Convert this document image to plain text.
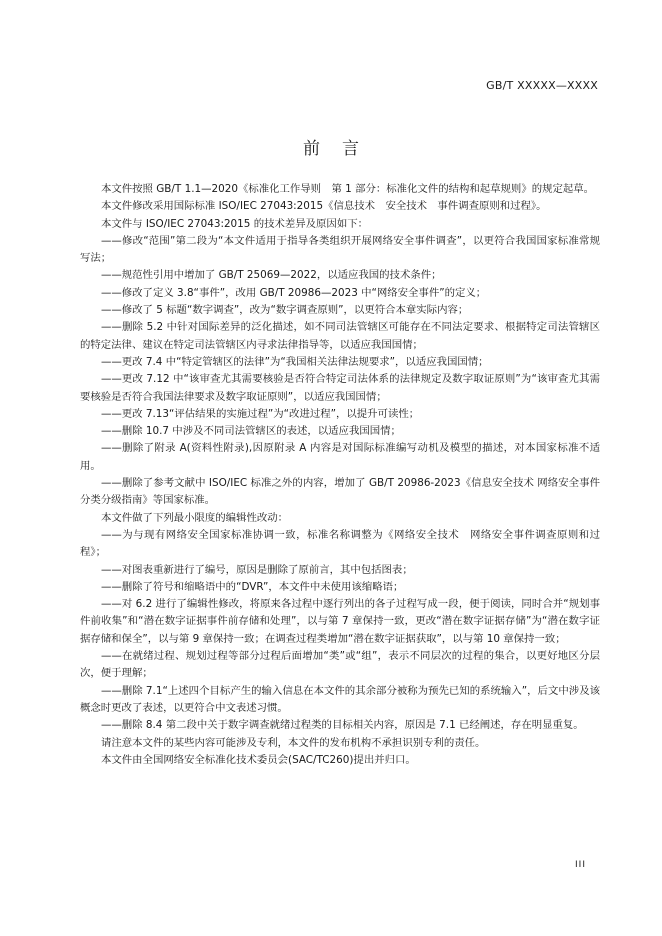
GB/T XXXXX—XXXX
前言

本文件按照 GB/T 1.1—2020《标准化工作导则　第 1 部分：标准化文件的结构和起草规则》的规定起草。

本文件修改采用国际标准 ISO/IEC 27043:2015《信息技术　安全技术　事件调查原则和过程》。

本文件与 ISO/IEC 27043:2015 的技术差异及原因如下：

——修改“范围”第二段为“本文件适用于指导各类组织开展网络安全事件调查”，以更符合我国国家标准常规写法；

——规范性引用中增加了 GB/T 25069—2022，以适应我国的技术条件；

——修改了定义 3.8“事件”，改用 GB/T 20986—2023 中“网络安全事件”的定义；

——修改了 5 标题“数字调查”，改为“数字调查原则”，以更符合本章实际内容；

——删除 5.2 中针对国际差异的泛化描述，如不同司法管辖区可能存在不同法定要求、根据特定司法管辖区的特定法律、建议在特定司法管辖区内寻求法律指导等，以适应我国国情；

——更改 7.4 中“特定管辖区的法律”为“我国相关法律法规要求”，以适应我国国情；

——更改 7.12 中“该审查尤其需要核验是否符合特定司法体系的法律规定及数字取证原则”为“该审查尤其需要核验是否符合我国法律要求及数字取证原则”，以适应我国国情；

——更改 7.13“评估结果的实施过程”为“改进过程”，以提升可读性；

——删除 10.7 中涉及不同司法管辖区的表述，以适应我国国情；

——删除了附录 A(资料性附录),因原附录 A 内容是对国际标准编写动机及模型的描述，对本国家标准不适用。

——删除了参考文献中 ISO/IEC 标准之外的内容，增加了 GB/T 20986-2023《信息安全技术 网络安全事件分类分级指南》等国家标准。

本文件做了下列最小限度的编辑性改动：

——为与现有网络安全国家标准协调一致，标准名称调整为《网络安全技术　网络安全事件调查原则和过程》；

——对图表重新进行了编号，原因是删除了原前言，其中包括图表；

——删除了符号和缩略语中的“DVR”，本文件中未使用该缩略语；

——对 6.2 进行了编辑性修改，将原来各过程中逐行列出的各子过程写成一段，便于阅读，同时合并“规划事件前收集”和“潜在数字证据事件前存储和处理”，以与第 7 章保持一致，更改“潜在数字证据存储”为“潜在数字证据存储和保全”，以与第 9 章保持一致；在调查过程类增加“潜在数字证据获取”，以与第 10 章保持一致；

——在就绪过程、规划过程等部分过程后面增加“类”或“组”，表示不同层次的过程的集合，以更好地区分层次，便于理解；

——删除 7.1“上述四个目标产生的输入信息在本文件的其余部分被称为预先已知的系统输入”，后文中涉及该概念时更改了表述，以更符合中文表述习惯。

——删除 8.4 第二段中关于数字调查就绪过程类的目标相关内容，原因是 7.1 已经阐述，存在明显重复。

请注意本文件的某些内容可能涉及专利，本文件的发布机构不承担识别专利的责任。

本文件由全国网络安全标准化技术委员会(SAC/TC260)提出并归口。

III
